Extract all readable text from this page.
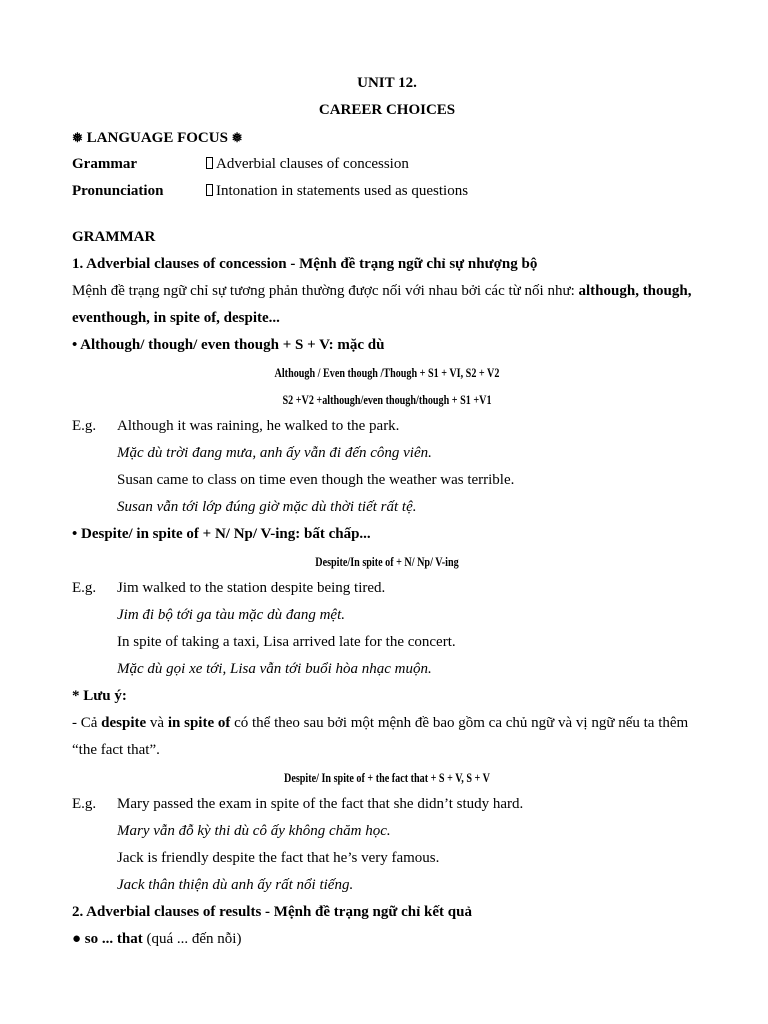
UNIT 12.
CAREER CHOICES
❅ LANGUAGE FOCUS ❅
Grammar	Adverbial clauses of concession
Pronunciation	Intonation in statements used as questions
GRAMMAR
1. Adverbial clauses of concession - Mệnh đề trạng ngữ chỉ sự nhượng bộ
Mệnh đề trạng ngữ chỉ sự tương phản thường được nối với nhau bởi các từ nối như: although, though, eventhough, in spite of, despite...
• Although/ though/ even though + S + V: mặc dù
Although / Even though /Though + S1 + VI, S2 + V2
S2 +V2 +although/even though/though + S1 +V1
E.g.	Although it was raining, he walked to the park.
Mặc dù trời đang mưa, anh ấy vẫn đi đến công viên.
Susan came to class on time even though the weather was terrible.
Susan vẫn tới lớp đúng giờ mặc dù thời tiết rất tệ.
• Despite/ in spite of + N/ Np/ V-ing: bất chấp...
Despite/In spite of + N/ Np/ V-ing
E.g.	Jim walked to the station despite being tired.
Jim đi bộ tới ga tàu mặc dù đang mệt.
In spite of taking a taxi, Lisa arrived late for the concert.
Mặc dù gọi xe tới, Lisa vẫn tới buổi hòa nhạc muộn.
* Lưu ý:
- Cả despite và in spite of có thể theo sau bởi một mệnh đề bao gồm ca chủ ngữ và vị ngữ nếu ta thêm “the fact that”.
Despite/ In spite of + the fact that + S + V, S + V
E.g.	Mary passed the exam in spite of the fact that she didn’t study hard.
Mary vẫn đỗ kỳ thi dù cô ấy không chăm học.
Jack is friendly despite the fact that he’s very famous.
Jack thân thiện dù anh ấy rất nổi tiếng.
2. Adverbial clauses of results - Mệnh đề trạng ngữ chỉ kết quả
● so ... that (quá ... đến nỗi)
